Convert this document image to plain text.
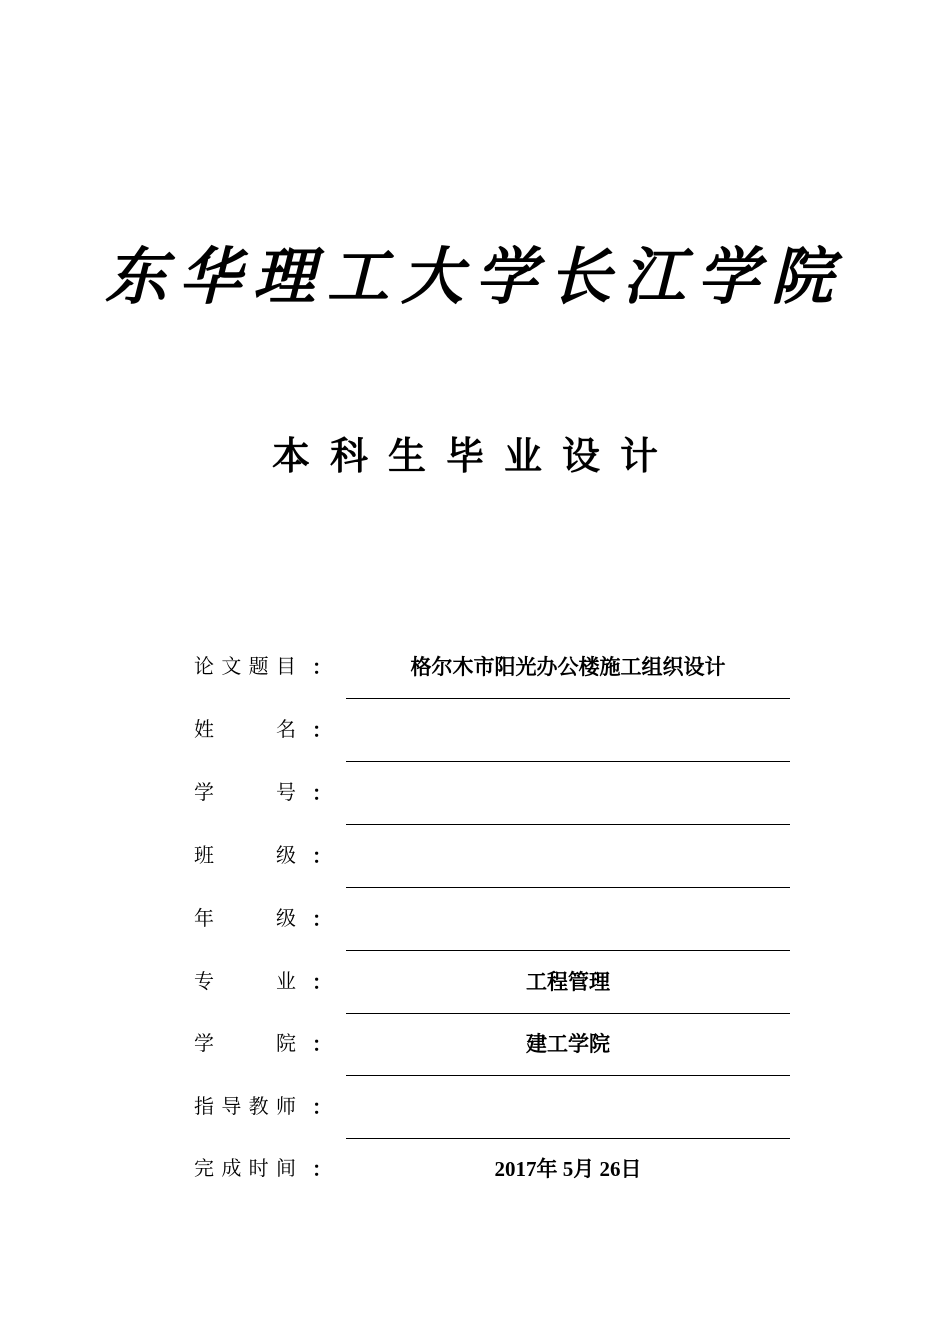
东华理工大学长江学院
本科生毕业设计
论 文 题 目 ：	格尔木市阳光办公楼施工组织设计
姓	名 ：
学	号 ：
班	级 ：
年	级 ：
专	业 ：	工程管理
学	院 ：	建工学院
指 导 教 师 ：
完 成 时 间 ：	2017年 5月 26日
